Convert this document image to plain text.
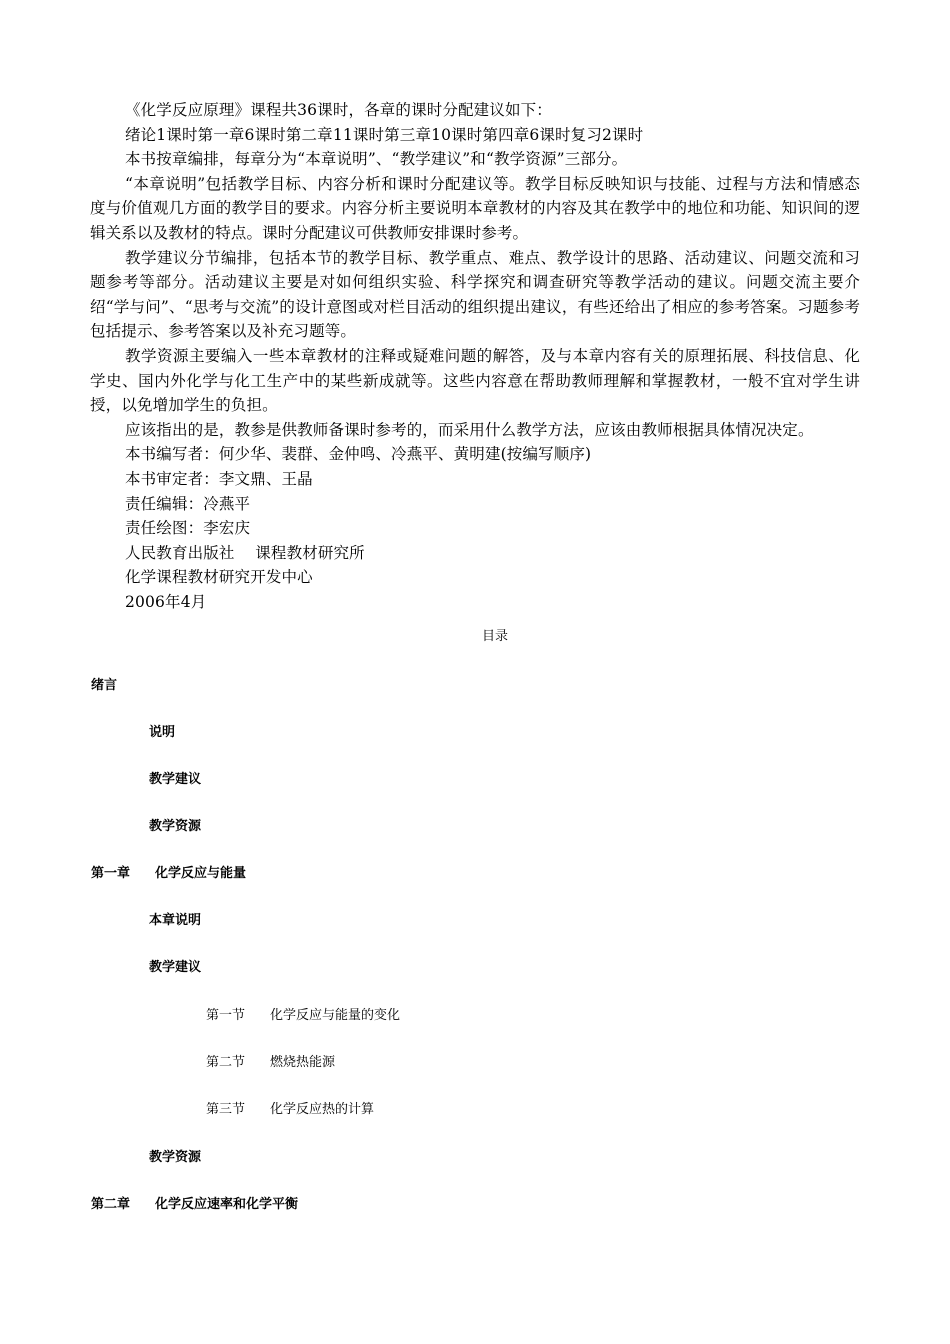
《化学反应原理》课程共36课时，各章的课时分配建议如下：

绪论1课时第一章6课时第二章11课时第三章10课时第四章6课时复习2课时

本书按章编排，每章分为“本章说明”、“教学建议”和“教学资源”三部分。

“本章说明”包括教学目标、内容分析和课时分配建议等。教学目标反映知识与技能、过程与方法和情感态度与价值观几方面的教学目的要求。内容分析主要说明本章教材的内容及其在教学中的地位和功能、知识间的逻辑关系以及教材的特点。课时分配建议可供教师安排课时参考。

教学建议分节编排，包括本节的教学目标、教学重点、难点、教学设计的思路、活动建议、问题交流和习题参考等部分。活动建议主要是对如何组织实验、科学探究和调查研究等教学活动的建议。问题交流主要介绍“学与问”、“思考与交流”的设计意图或对栏目活动的组织提出建议，有些还给出了相应的参考答案。习题参考包括提示、参考答案以及补充习题等。

教学资源主要编入一些本章教材的注释或疑难问题的解答，及与本章内容有关的原理拓展、科技信息、化学史、国内外化学与化工生产中的某些新成就等。这些内容意在帮助教师理解和掌握教材，一般不宜对学生讲授，以免增加学生的负担。

应该指出的是，教参是供教师备课时参考的，而采用什么教学方法，应该由教师根据具体情况决定。

本书编写者：何少华、裴群、金仲鸣、冷燕平、黄明建(按编写顺序)

本书审定者：李文鼎、王晶

责任编辑：冷燕平

责任绘图：李宏庆

人民教育出版社　 课程教材研究所

化学课程教材研究开发中心

2006年4月

目录
绪言
说明
教学建议
教学资源
第一章 化学反应与能量
本章说明
教学建议
第一节 化学反应与能量的变化
第二节 燃烧热能源
第三节 化学反应热的计算
教学资源
第二章 化学反应速率和化学平衡
